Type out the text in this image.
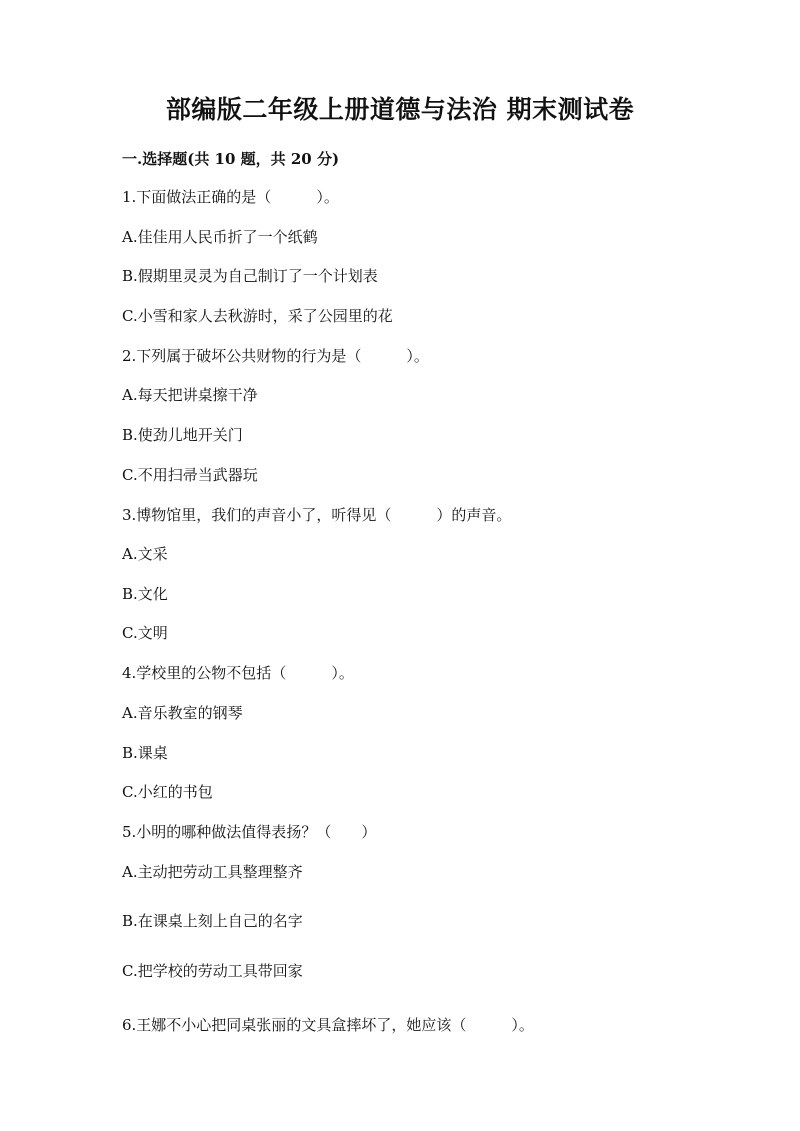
部编版二年级上册道德与法治 期末测试卷
一.选择题(共 10 题，共 20 分)
1.下面做法正确的是（　　　）。
A.佳佳用人民币折了一个纸鹤
B.假期里灵灵为自己制订了一个计划表
C.小雪和家人去秋游时，采了公园里的花
2.下列属于破坏公共财物的行为是（　　　）。
A.每天把讲桌擦干净
B.使劲儿地开关门
C.不用扫帚当武器玩
3.博物馆里，我们的声音小了，听得见（　　　）的声音。
A.文采
B.文化
C.文明
4.学校里的公物不包括（　　　）。
A.音乐教室的钢琴
B.课桌
C.小红的书包
5.小明的哪种做法值得表扬？（　　）
A.主动把劳动工具整理整齐
B.在课桌上刻上自己的名字
C.把学校的劳动工具带回家
6.王娜不小心把同桌张丽的文具盒摔坏了，她应该（　　　）。
